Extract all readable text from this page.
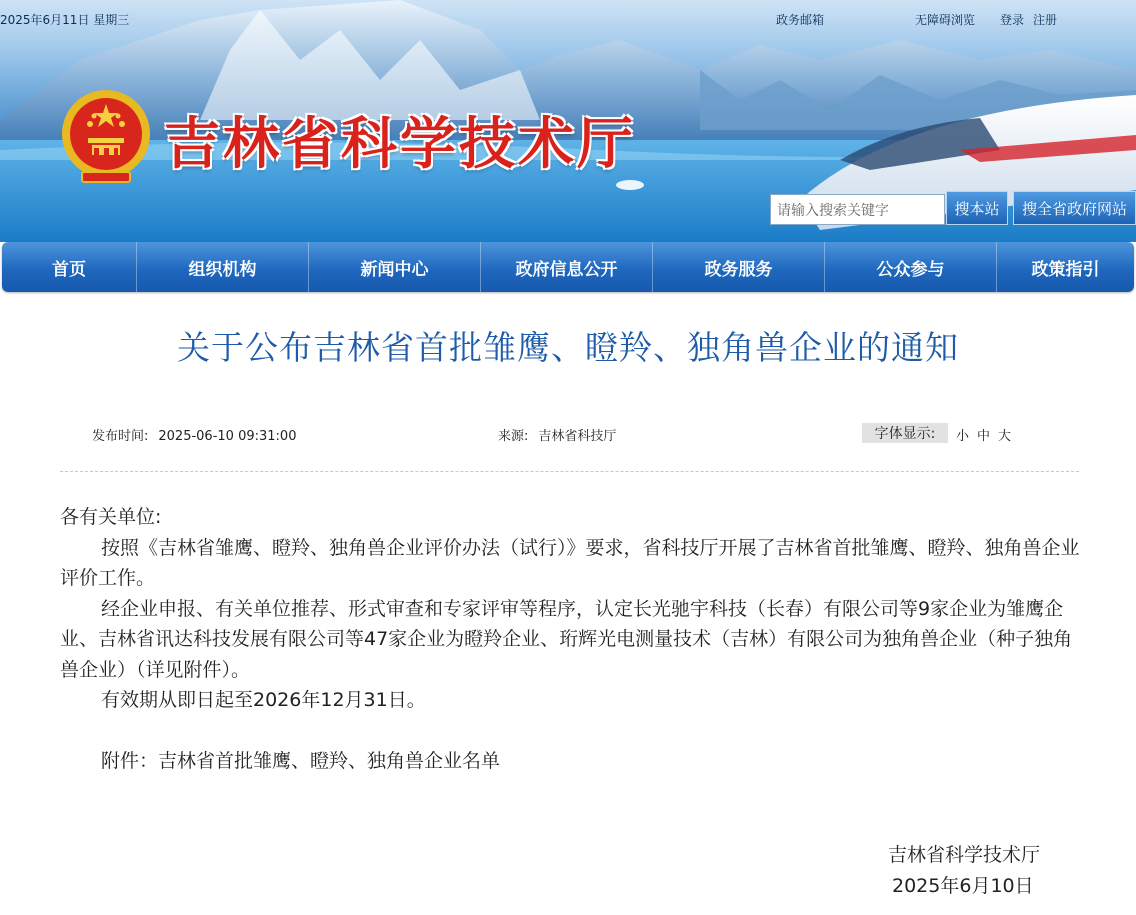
2025年6月11日 星期三	政务邮箱	无障碍浏览 登录 注册
吉林省科学技术厅
请输入搜索关键字
搜本站	搜全省政府网站
首页	组织机构	新闻中心	政府信息公开	政务服务	公众参与	政策指引
关于公布吉林省首批雏鹰、瞪羚、独角兽企业的通知
发布时间: 2025-06-10 09:31:00	来源: 吉林省科技厅	字体显示:	小 中 大

各有关单位:

按照《吉林省雏鹰、瞪羚、独角兽企业评价办法（试行）》要求，省科技厅开展了吉林省首批雏鹰、瞪羚、独角兽企业评价工作。

经企业申报、有关单位推荐、形式审查和专家评审等程序，认定长光驰宇科技（长春）有限公司等9家企业为雏鹰企业、吉林省讯达科技发展有限公司等47家企业为瞪羚企业、珩辉光电测量技术（吉林）有限公司为独角兽企业（种子独角兽企业）（详见附件）。

有效期从即日起至2026年12月31日。

附件：吉林省首批雏鹰、瞪羚、独角兽企业名单

吉林省科学技术厅
2025年6月10日
